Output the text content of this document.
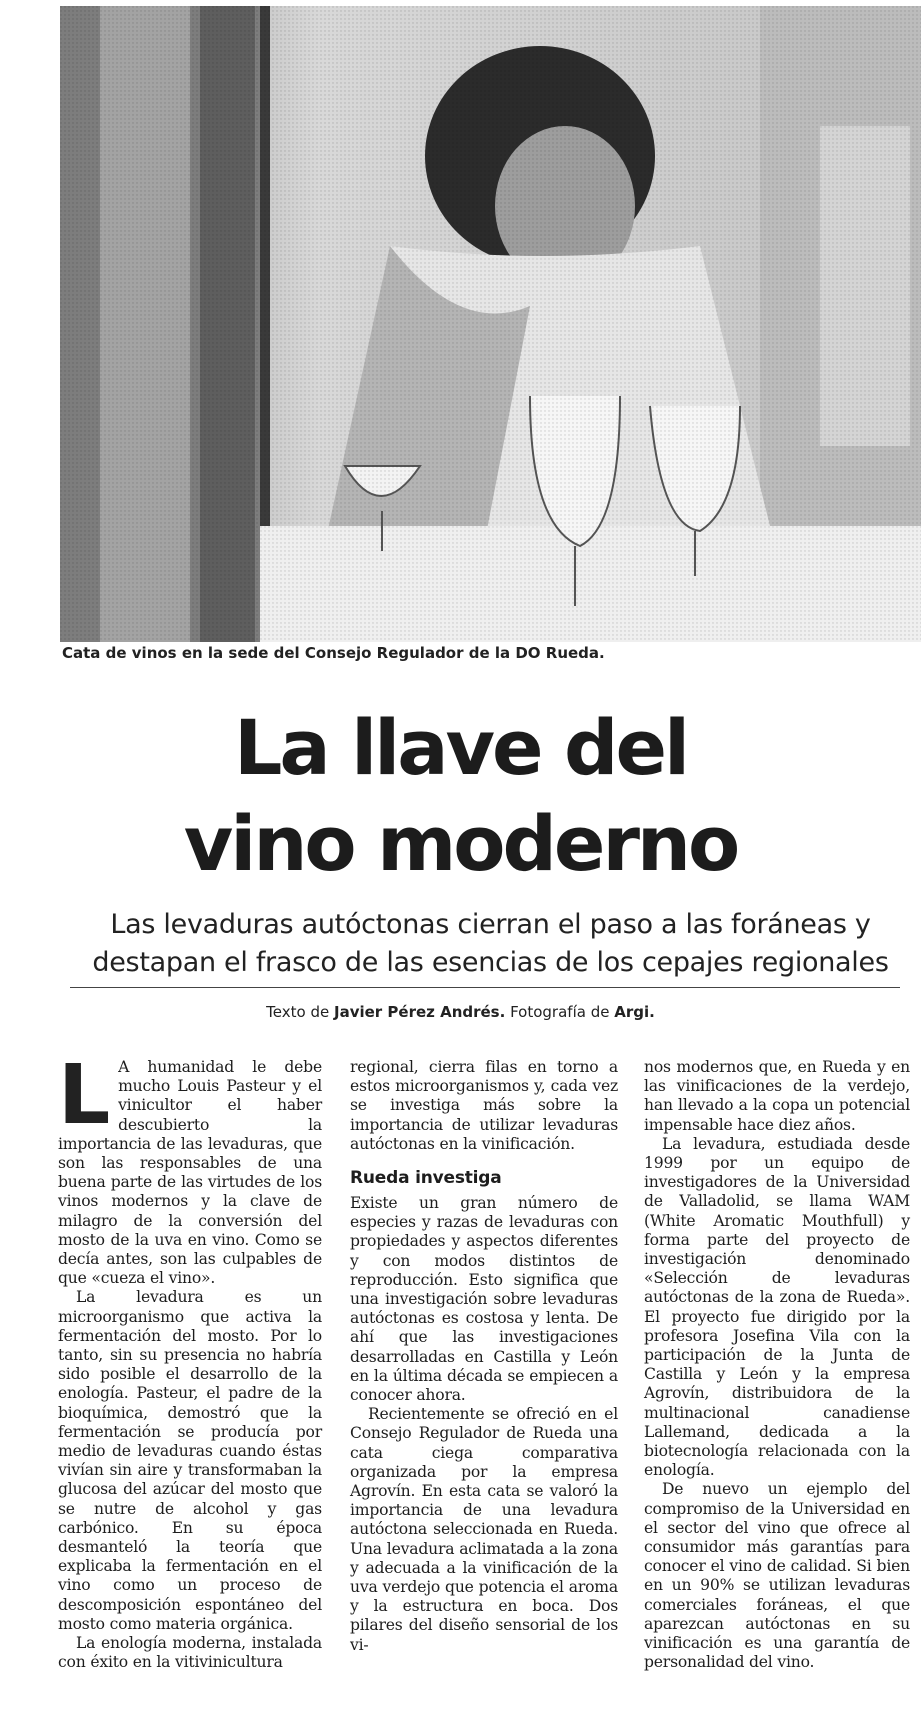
Cata de vinos en la sede del Consejo Regulador de la DO Rueda.
La llave del
vino moderno
Las levaduras autóctonas cierran el paso a las foráneas y
destapan el frasco de las esencias de los cepajes regionales
Texto de Javier Pérez Andrés. Fotografía de Argi.

L A humanidad le debe mucho Louis Pasteur y el vinicultor el haber descubierto la importancia de las levaduras, que son las responsables de una buena parte de las virtudes de los vinos modernos y la clave de milagro de la conversión del mosto de la uva en vino. Como se decía antes, son las culpables de que «cueza el vino».

La levadura es un microorganismo que activa la fermentación del mosto. Por lo tanto, sin su presencia no habría sido posible el desarrollo de la enología. Pasteur, el padre de la bioquímica, demostró que la fermentación se producía por medio de levaduras cuando éstas vivían sin aire y transformaban la glucosa del azúcar del mosto que se nutre de alcohol y gas carbónico. En su época desmanteló la teoría que explicaba la fermentación en el vino como un proceso de descomposición espontáneo del mosto como materia orgánica.

La enología moderna, instalada con éxito en la vitivinicultura

regional, cierra filas en torno a estos microorganismos y, cada vez se investiga más sobre la importancia de utilizar levaduras autóctonas en la vinificación.

Rueda investiga

Existe un gran número de especies y razas de levaduras con propiedades y aspectos diferentes y con modos distintos de reproducción. Esto significa que una investigación sobre levaduras autóctonas es costosa y lenta. De ahí que las investigaciones desarrolladas en Castilla y León en la última década se empiecen a conocer ahora.

Recientemente se ofreció en el Consejo Regulador de Rueda una cata ciega comparativa organizada por la empresa Agrovín. En esta cata se valoró la importancia de una levadura autóctona seleccionada en Rueda. Una levadura aclimatada a la zona y adecuada a la vinificación de la uva verdejo que potencia el aroma y la estructura en boca. Dos pilares del diseño sensorial de los vi-

nos modernos que, en Rueda y en las vinificaciones de la verdejo, han llevado a la copa un potencial impensable hace diez años.

La levadura, estudiada desde 1999 por un equipo de investigadores de la Universidad de Valladolid, se llama WAM (White Aromatic Mouthfull) y forma parte del proyecto de investigación denominado «Selección de levaduras autóctonas de la zona de Rueda». El proyecto fue dirigido por la profesora Josefina Vila con la participación de la Junta de Castilla y León y la empresa Agrovín, distribuidora de la multinacional canadiense Lallemand, dedicada a la biotecnología relacionada con la enología.

De nuevo un ejemplo del compromiso de la Universidad en el sector del vino que ofrece al consumidor más garantías para conocer el vino de calidad. Si bien en un 90% se utilizan levaduras comerciales foráneas, el que aparezcan autóctonas en su vinificación es una garantía de personalidad del vino.
